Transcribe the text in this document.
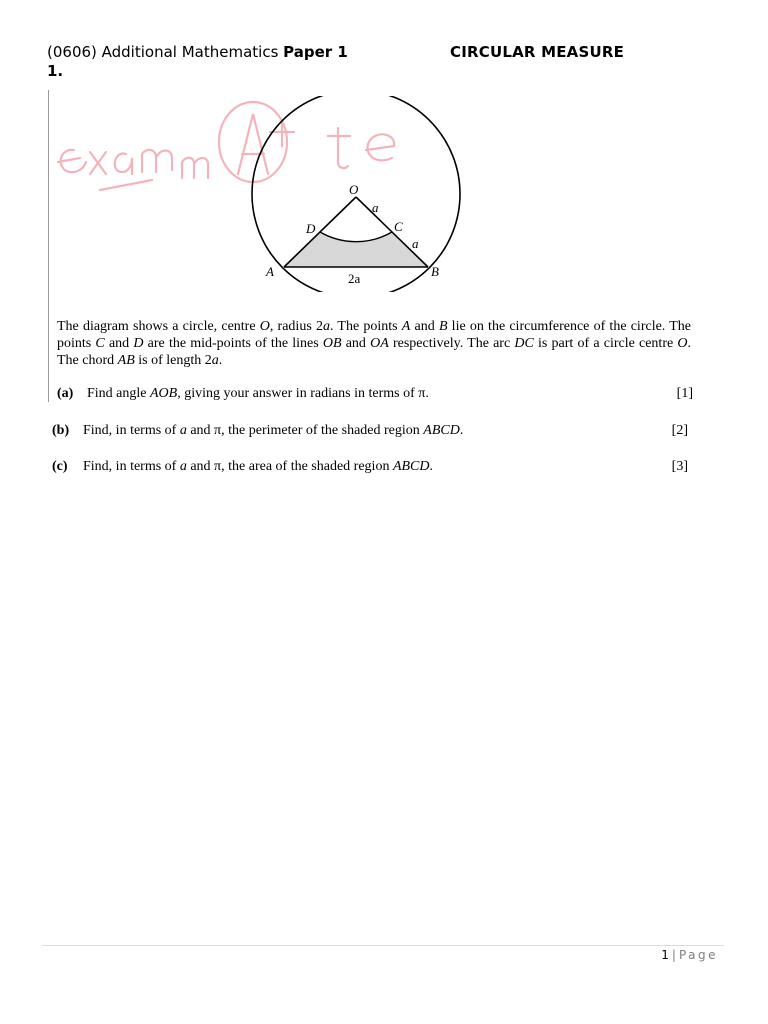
(0606) Additional Mathematics Paper 1	CIRCULAR MEASURE
1.
O
a
D	C
a
A	B
2a
The diagram shows a circle, centre O, radius 2a. The points A and B lie on the circumference of the circle. The points C and D are the mid-points of the lines OB and OA respectively. The arc DC is part of a circle centre O. The chord AB is of length 2a.
(a) Find angle AOB, giving your answer in radians in terms of π.	[1]
(b) Find, in terms of a and π, the perimeter of the shaded region ABCD.	[2]
(c) Find, in terms of a and π, the area of the shaded region ABCD.	[3]
1 | Page
